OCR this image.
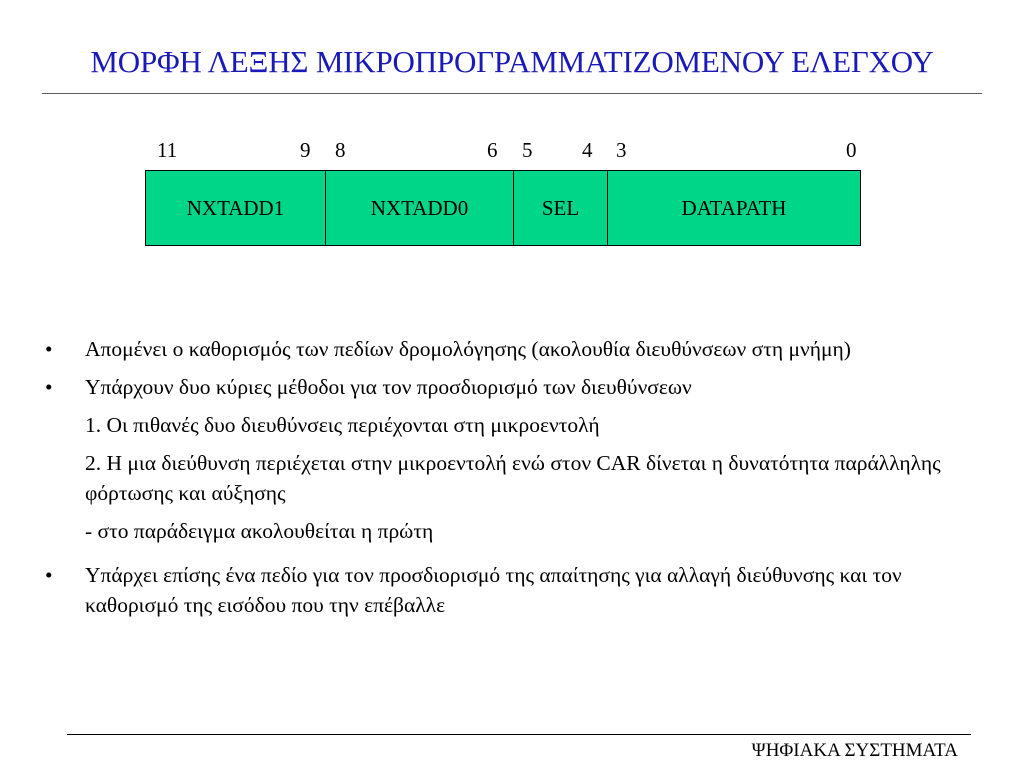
ΜΟΡΦΗ ΛΕΞΗΣ ΜΙΚΡΟΠΡΟΓΡΑΜΜΑΤΙΖΟΜΕΝΟΥ ΕΛΕΓΧΟΥ
11	9 8	6 5 4 3	0
NXTADD1	NXTADD0	SEL	DATAPATH
• Απομένει ο καθορισμός των πεδίων δρομολόγησης (ακολουθία διευθύνσεων στη μνήμη)
• Υπάρχουν δυο κύριες μέθοδοι για τον προσδιορισμό των διευθύνσεων
1. Οι πιθανές δυο διευθύνσεις περιέχονται στη μικροεντολή
2. Η μια διεύθυνση περιέχεται στην μικροεντολή ενώ στον CAR δίνεται η δυνατότητα παράλληλης φόρτωσης και αύξησης
- στο παράδειγμα ακολουθείται η πρώτη
• Υπάρχει επίσης ένα πεδίο για τον προσδιορισμό της απαίτησης για αλλαγή διεύθυνσης και τον καθορισμό της εισόδου που την επέβαλλε
ΨΗΦΙΑΚΑ ΣΥΣΤΗΜΑΤΑ
